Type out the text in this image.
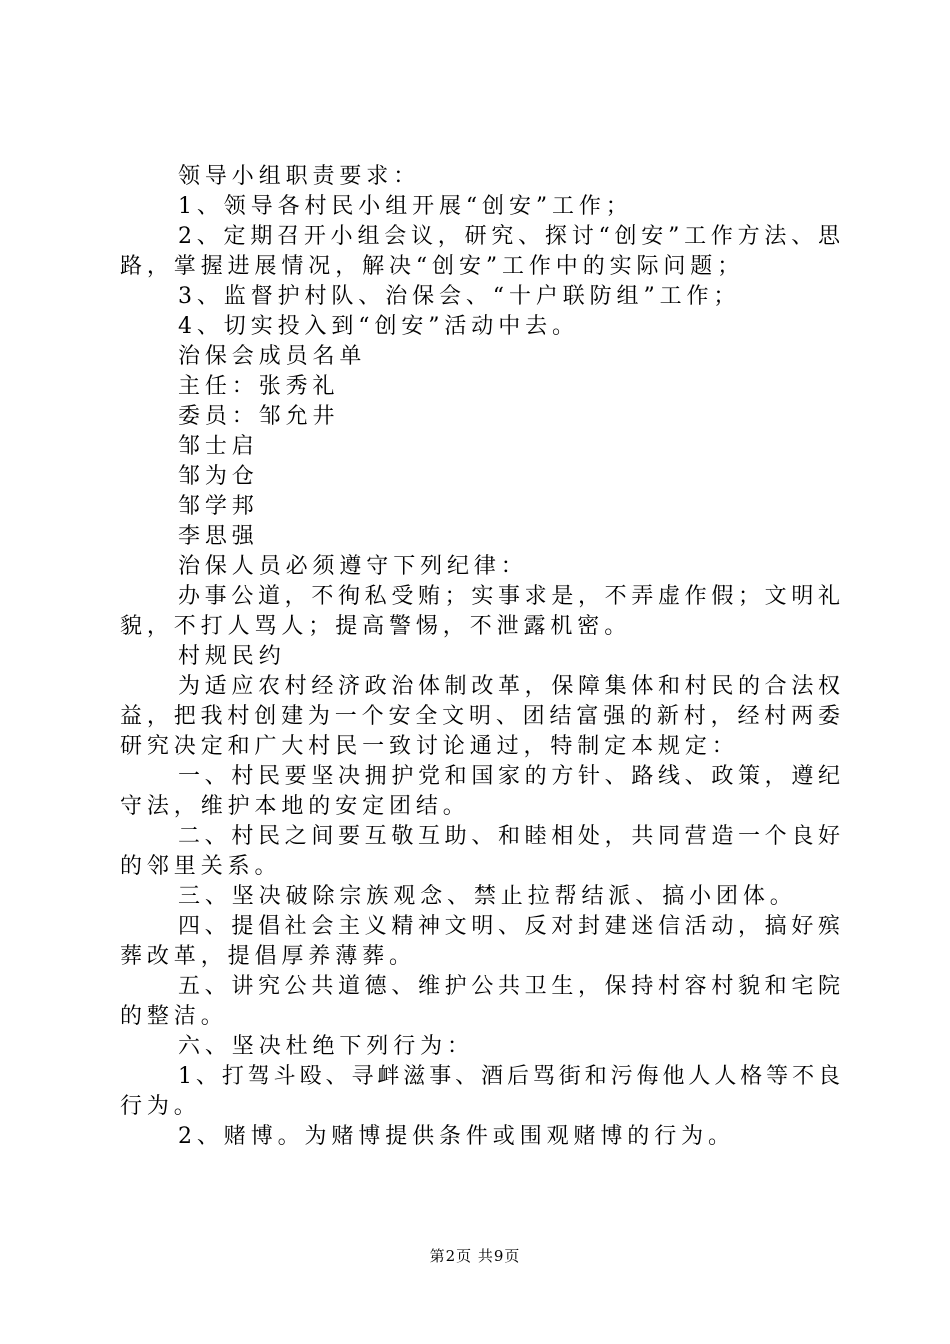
领导小组职责要求：

1、领导各村民小组开展“创安”工作；

2、定期召开小组会议，研究、探讨“创安”工作方法、思

路，掌握进展情况，解决“创安”工作中的实际问题；

3、监督护村队、治保会、“十户联防组”工作；

4、切实投入到“创安”活动中去。

治保会成员名单

主任：张秀礼

委员：邹允井

邹士启

邹为仓

邹学邦

李思强

治保人员必须遵守下列纪律：

办事公道，不徇私受贿；实事求是，不弄虚作假；文明礼

貌，不打人骂人；提高警惕，不泄露机密。

村规民约

为适应农村经济政治体制改革，保障集体和村民的合法权

益，把我村创建为一个安全文明、团结富强的新村，经村两委

研究决定和广大村民一致讨论通过，特制定本规定：

一、村民要坚决拥护党和国家的方针、路线、政策，遵纪

守法，维护本地的安定团结。

二、村民之间要互敬互助、和睦相处，共同营造一个良好

的邻里关系。

三、坚决破除宗族观念、禁止拉帮结派、搞小团体。

四、提倡社会主义精神文明、反对封建迷信活动，搞好殡

葬改革，提倡厚养薄葬。

五、讲究公共道德、维护公共卫生，保持村容村貌和宅院

的整洁。

六、坚决杜绝下列行为：

1、打驾斗殴、寻衅滋事、酒后骂街和污侮他人人格等不良

行为。

2、赌博。为赌博提供条件或围观赌博的行为。

第2页 共9页
